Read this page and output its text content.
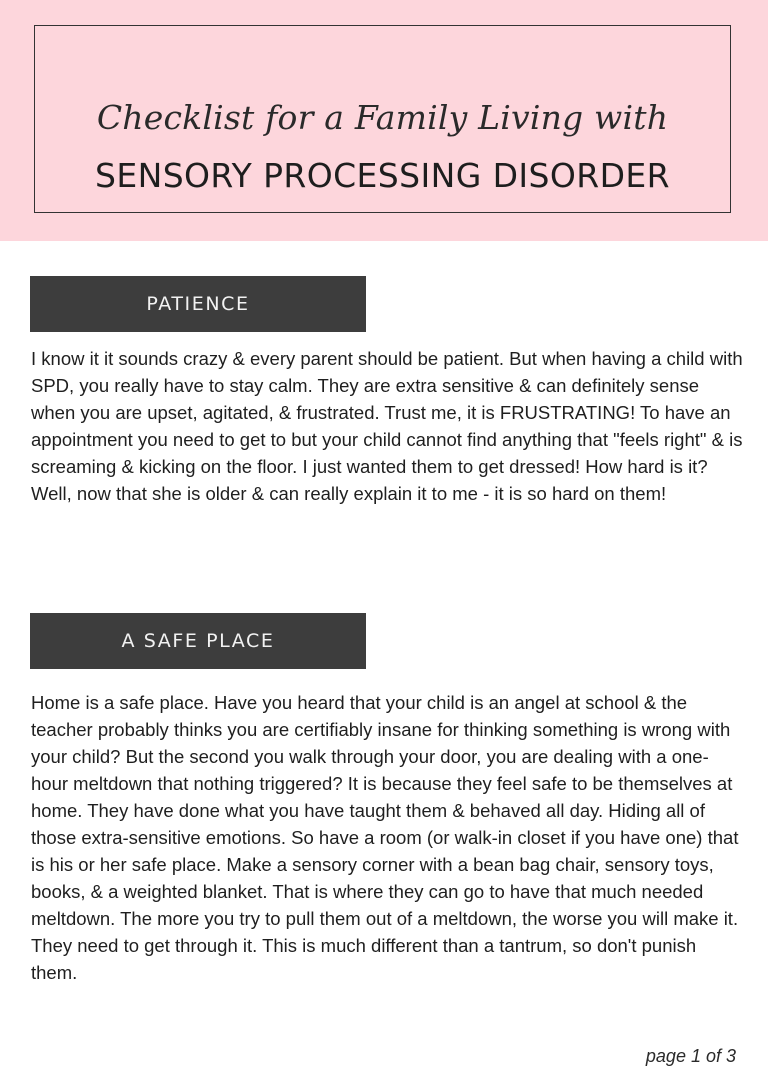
Checklist for a Family Living with
SENSORY PROCESSING DISORDER
PATIENCE

I know it it sounds crazy & every parent should be patient. But when having a child with SPD, you really have to stay calm. They are extra sensitive & can definitely sense when you are upset, agitated, & frustrated. Trust me, it is FRUSTRATING! To have an appointment you need to get to but your child cannot find anything that "feels right" & is screaming & kicking on the floor. I just wanted them to get dressed! How hard is it? Well, now that she is older & can really explain it to me - it is so hard on them!

A SAFE PLACE

Home is a safe place. Have you heard that your child is an angel at school & the teacher probably thinks you are certifiably insane for thinking something is wrong with your child? But the second you walk through your door, you are dealing with a one-hour meltdown that nothing triggered? It is because they feel safe to be themselves at home. They have done what you have taught them & behaved all day. Hiding all of those extra-sensitive emotions. So have a room (or walk-in closet if you have one) that is his or her safe place. Make a sensory corner with a bean bag chair, sensory toys, books, & a weighted blanket. That is where they can go to have that much needed meltdown. The more you try to pull them out of a meltdown, the worse you will make it. They need to get through it. This is much different than a tantrum, so don't punish them.

page 1 of 3
